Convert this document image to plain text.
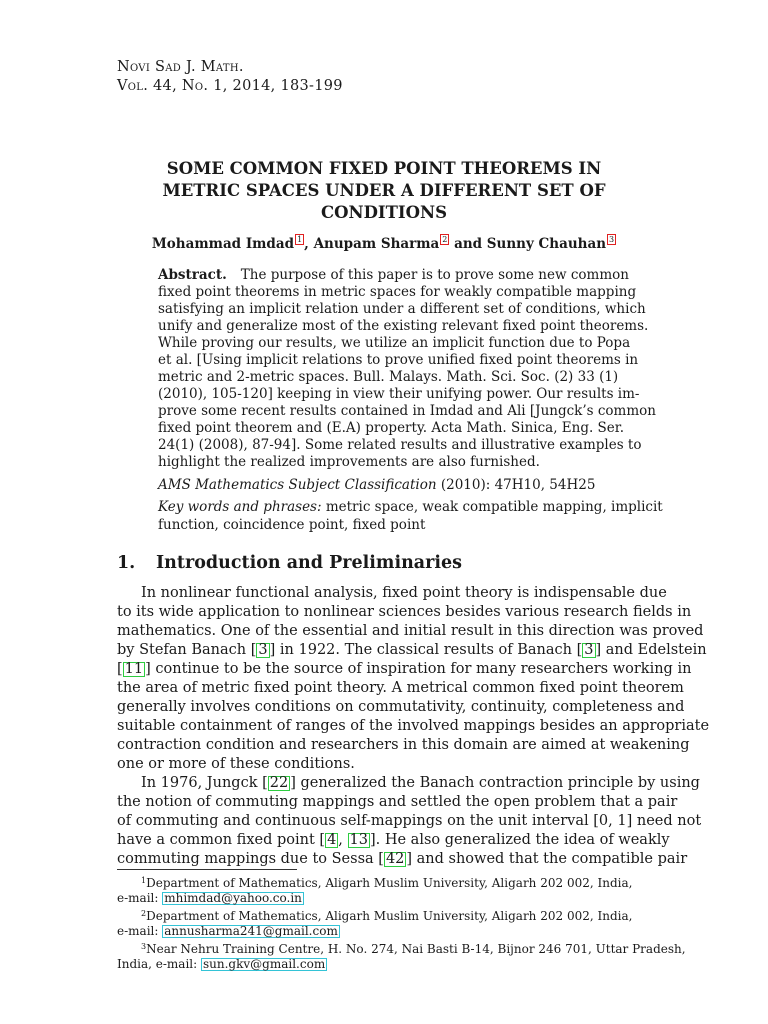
Novi Sad J. Math.
Vol. 44, No. 1, 2014, 183-199
SOME COMMON FIXED POINT THEOREMS IN
METRIC SPACES UNDER A DIFFERENT SET OF
CONDITIONS
Mohammad Imdad 1 , Anupam Sharma 2 and Sunny Chauhan 3
Abstract. The purpose of this paper is to prove some new common
fixed point theorems in metric spaces for weakly compatible mapping
satisfying an implicit relation under a different set of conditions, which
unify and generalize most of the existing relevant fixed point theorems.
While proving our results, we utilize an implicit function due to Popa
et al. [Using implicit relations to prove unified fixed point theorems in
metric and 2-metric spaces. Bull. Malays. Math. Sci. Soc. (2) 33 (1)
(2010), 105-120] keeping in view their unifying power. Our results im-
prove some recent results contained in Imdad and Ali [Jungck’s common
fixed point theorem and (E.A) property. Acta Math. Sinica, Eng. Ser.
24(1) (2008), 87-94]. Some related results and illustrative examples to
highlight the realized improvements are also furnished.
AMS Mathematics Subject Classification (2010): 47H10, 54H25
Key words and phrases: metric space, weak compatible mapping, implicit
function, coincidence point, fixed point
1. Introduction and Preliminaries
In nonlinear functional analysis, fixed point theory is indispensable due
to its wide application to nonlinear sciences besides various research fields in
mathematics. One of the essential and initial result in this direction was proved
by Stefan Banach [ 3 ] in 1922. The classical results of Banach [ 3 ] and Edelstein
[ 11 ] continue to be the source of inspiration for many researchers working in
the area of metric fixed point theory. A metrical common fixed point theorem
generally involves conditions on commutativity, continuity, completeness and
suitable containment of ranges of the involved mappings besides an appropriate
contraction condition and researchers in this domain are aimed at weakening
one or more of these conditions.
In 1976, Jungck [ 22 ] generalized the Banach contraction principle by using
the notion of commuting mappings and settled the open problem that a pair
of commuting and continuous self-mappings on the unit interval [0, 1] need not
have a common fixed point [ 4 , 13 ]. He also generalized the idea of weakly
commuting mappings due to Sessa [ 42 ] and showed that the compatible pair
$^1$Department of Mathematics, Aligarh Muslim University, Aligarh 202 002, India,
e-mail: mhimdad@yahoo.co.in
$^2$Department of Mathematics, Aligarh Muslim University, Aligarh 202 002, India,
e-mail: annusharma241@gmail.com
$^3$Near Nehru Training Centre, H. No. 274, Nai Basti B-14, Bijnor 246 701, Uttar Pradesh,
India, e-mail: sun.gkv@gmail.com
